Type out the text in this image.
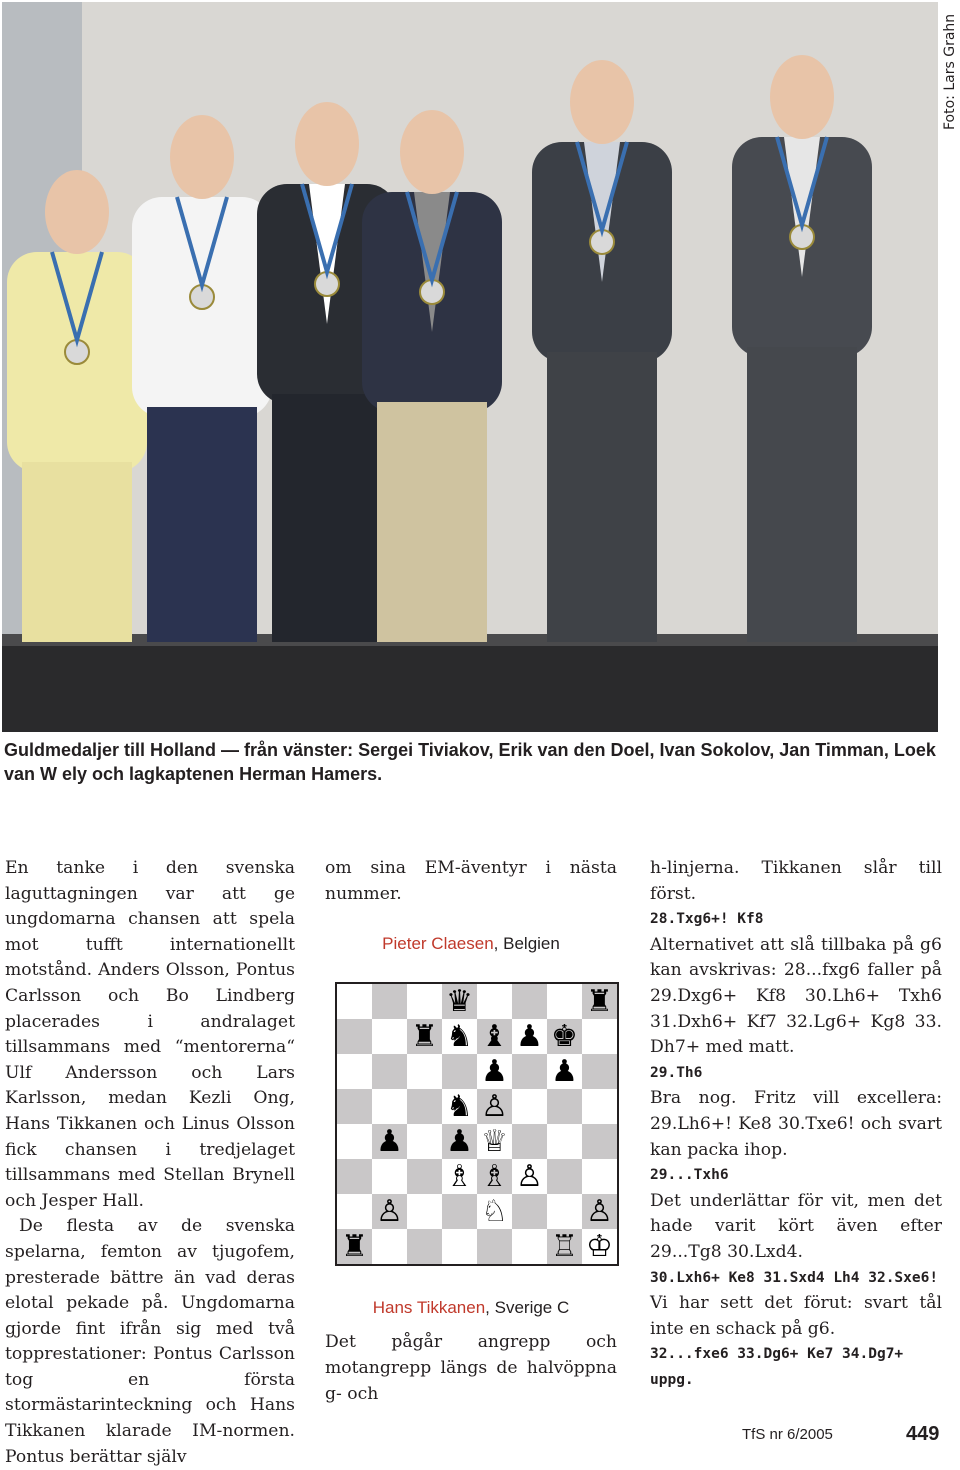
Foto: Lars Grahn
Guldmedaljer till Holland — från vänster: Sergei Tiviakov, Erik van den Doel, Ivan Sokolov, Jan Timman, Loek van W ely och lagkaptenen Herman Hamers.

En tanke i den svenska laguttagningen var att ge ungdomarna chansen att spela mot tufft internationellt motstånd. Anders Olsson, Pontus Carlsson och Bo Lindberg placerades i andralaget tillsammans med “mentorerna“ Ulf Andersson och Lars Karlsson, medan Kezli Ong, Hans Tikkanen och Linus Olsson fick chansen i tredjelaget tillsammans med Stellan Brynell och Jesper Hall.

De flesta av de svenska spelarna, femton av tjugofem, presterade bättre än vad deras elotal pekade på. Ungdomarna gjorde fint ifrån sig med två topprestationer: Pontus Carlsson tog en första stormästarinteckning och Hans Tikkanen klarade IM-normen. Pontus berättar själv

om sina EM-äventyr i nästa nummer.

Pieter Claesen, Belgien

Hans Tikkanen, Sverige C

Det pågår angrepp och motangrepp längs de halvöppna g- och

♛	♜
♜ ♞ ♝ ♟ ♚
♟ ♟
♞ ♙
♟ ♟ ♕
♗ ♗ ♙
♙	♘	♙
♜	♖ ♔

h-linjerna. Tikkanen slår till först.

28.Txg6+! Kf8

Alternativet att slå tillbaka på g6 kan avskrivas: 28...fxg6 faller på 29.Dxg6+ Kf8 30.Lh6+ Txh6 31.Dxh6+ Kf7 32.Lg6+ Kg8 33. Dh7+ med matt.

29.Th6

Bra nog. Fritz vill excellera: 29.Lh6+! Ke8 30.Txe6! och svart kan packa ihop.

29...Txh6

Det underlättar för vit, men det hade varit kört även efter 29...Tg8 30.Lxd4.

30.Lxh6+ Ke8 31.Sxd4 Lh4 32.Sxe6!

Vi har sett det förut: svart tål inte en schack på g6.

32...fxe6 33.Dg6+ Ke7 34.Dg7+ uppg.

TfS nr 6/2005	449
